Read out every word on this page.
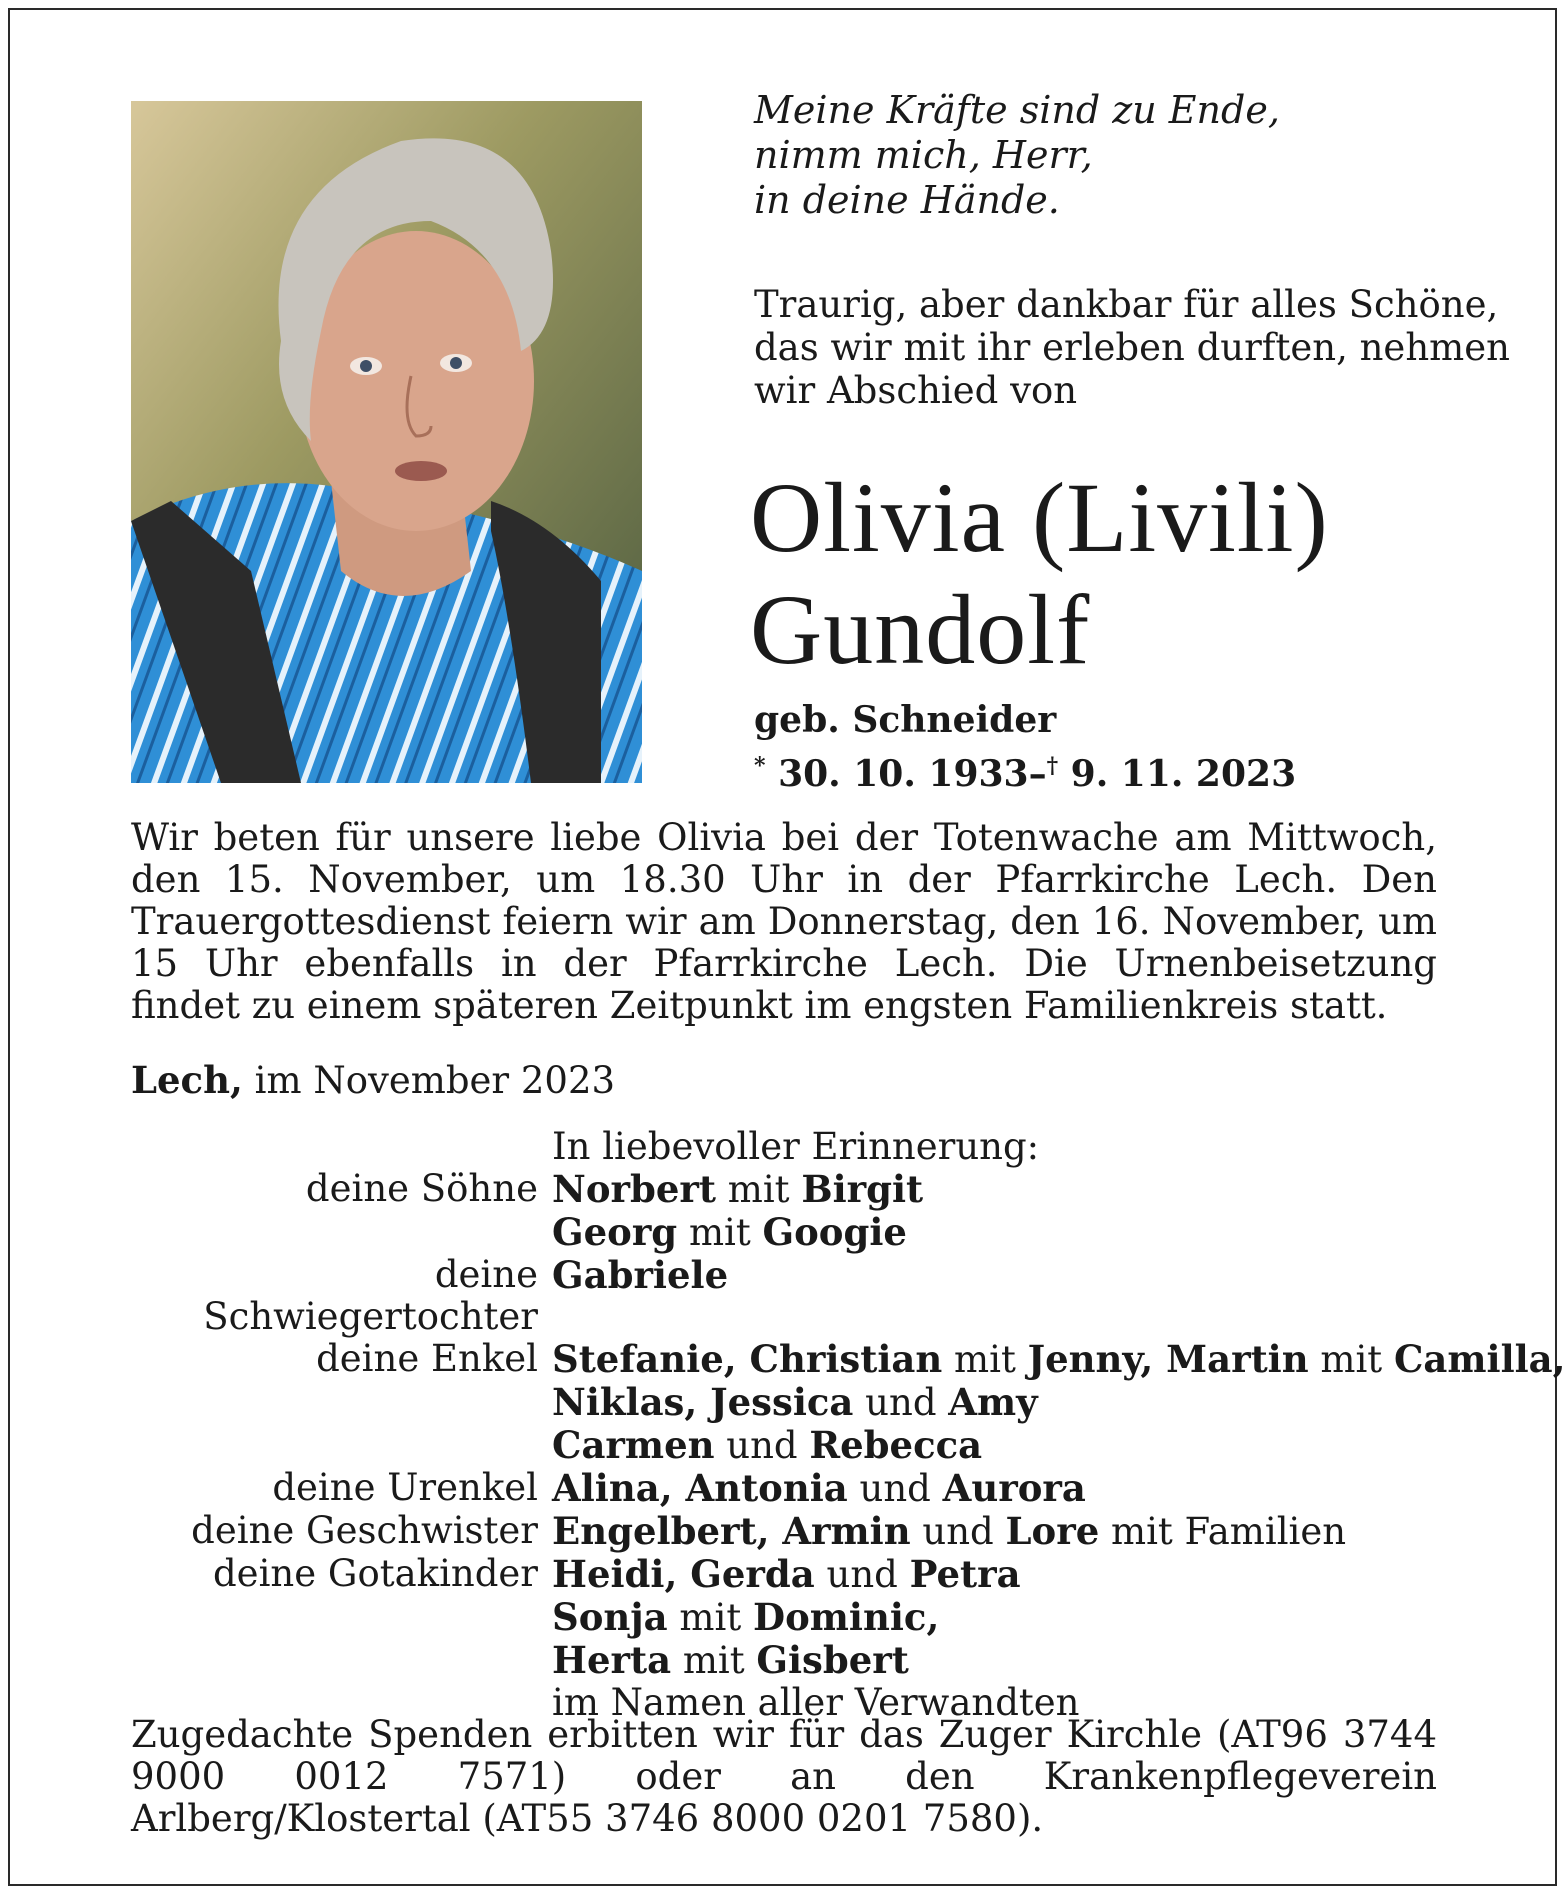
Meine Kräfte sind zu Ende,
nimm mich, Herr,
in deine Hände.
Traurig, aber dankbar für alles Schöne,
das wir mit ihr erleben durften, nehmen
wir Abschied von
Olivia (Livili)
Gundolf
geb. Schneider
* 30. 10. 1933–† 9. 11. 2023
Wir beten für unsere liebe Olivia bei der Totenwache am Mittwoch, den 15. November, um 18.30 Uhr in der Pfarrkirche Lech. Den Trauergottesdienst feiern wir am Donnerstag, den 16. November, um 15 Uhr ebenfalls in der Pfarrkirche Lech. Die Urnenbeisetzung findet zu einem späteren Zeitpunkt im engsten Familienkreis statt.
Lech, im November 2023
In liebevoller Erinnerung:
deine Söhne Norbert mit Birgit
Georg mit Googie
deine Schwiegertochter
Gabriele
deine Enkel Stefanie, Christian mit Jenny, Martin mit Camilla,
Niklas, Jessica und Amy
Carmen und Rebecca
deine Urenkel Alina, Antonia und Aurora
deine Geschwister Engelbert, Armin und Lore mit Familien
deine Gotakinder Heidi, Gerda und Petra
Sonja mit Dominic,
Herta mit Gisbert
im Namen aller Verwandten
Zugedachte Spenden erbitten wir für das Zuger Kirchle (AT96 3744 9000 0012 7571) oder an den Krankenpflegeverein Arlberg/Klostertal (AT55 3746 8000 0201 7580).
